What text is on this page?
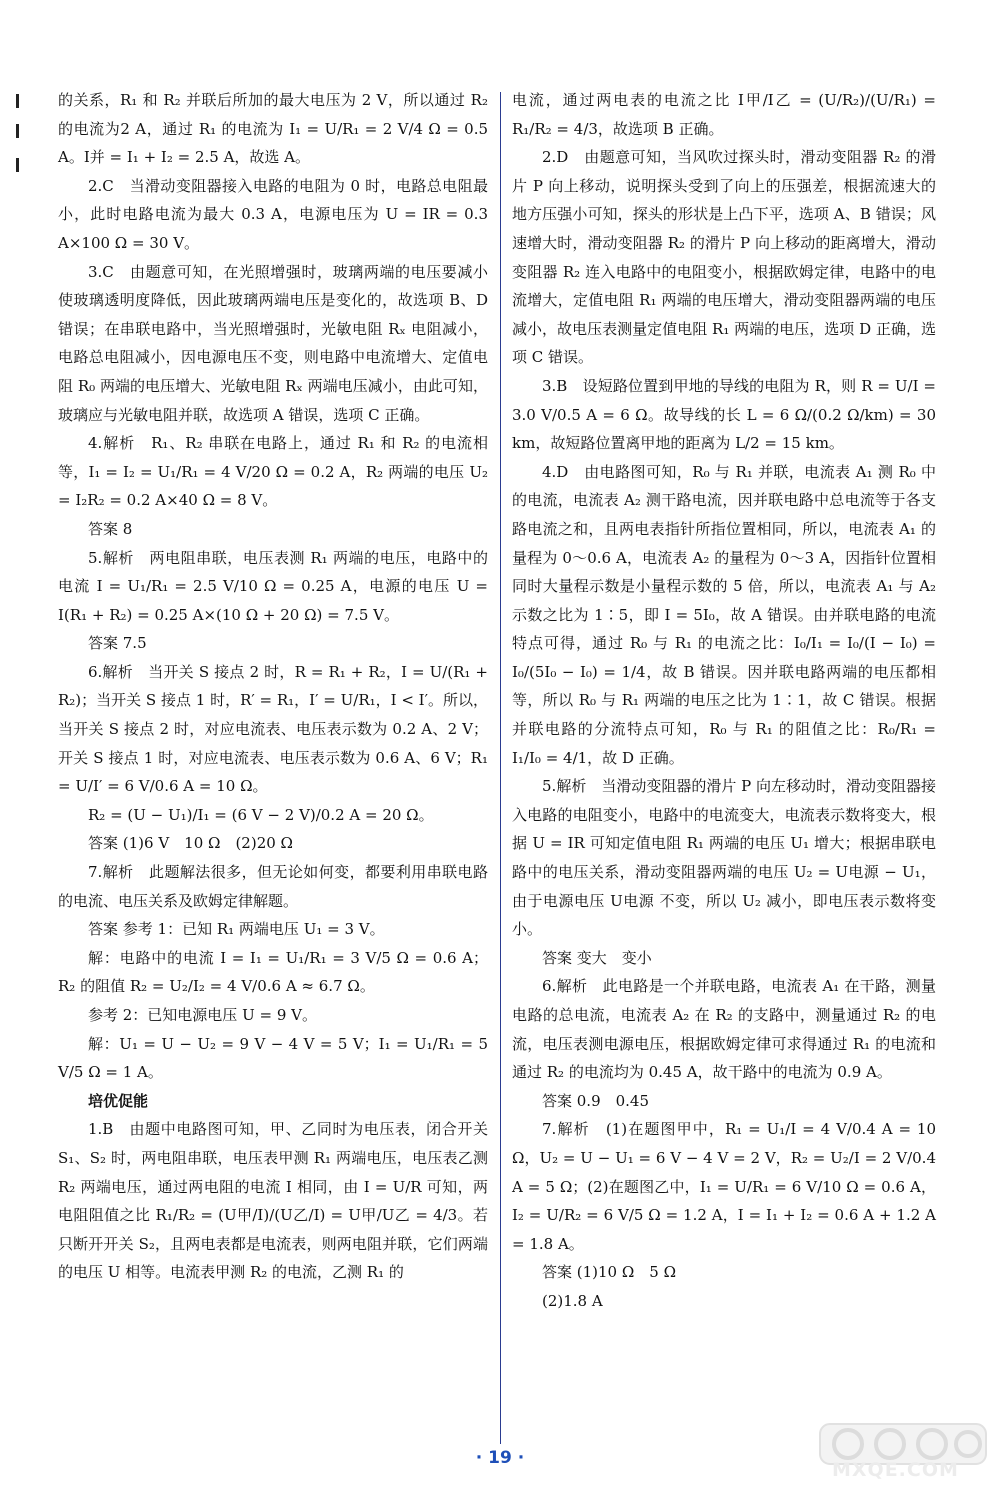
的关系，R₁ 和 R₂ 并联后所加的最大电压为 2 V，所以通过 R₂ 的电流为2 A，通过 R₁ 的电流为 I₁ = U/R₁ = 2 V/4 Ω = 0.5 A。I并 = I₁ + I₂ = 2.5 A，故选 A。

2.C　当滑动变阻器接入电路的电阻为 0 时，电路总电阻最小，此时电路电流为最大 0.3 A，电源电压为 U = IR = 0.3 A×100 Ω = 30 V。

3.C　由题意可知，在光照增强时，玻璃两端的电压要减小使玻璃透明度降低，因此玻璃两端电压是变化的，故选项 B、D 错误；在串联电路中，当光照增强时，光敏电阻 Rₓ 电阻减小，电路总电阻减小，因电源电压不变，则电路中电流增大、定值电阻 R₀ 两端的电压增大、光敏电阻 Rₓ 两端电压减小，由此可知，玻璃应与光敏电阻并联，故选项 A 错误，选项 C 正确。

4.解析　R₁、R₂ 串联在电路上，通过 R₁ 和 R₂ 的电流相等，I₁ = I₂ = U₁/R₁ = 4 V/20 Ω = 0.2 A，R₂ 两端的电压 U₂ = I₂R₂ = 0.2 A×40 Ω = 8 V。

答案 8

5.解析　两电阻串联，电压表测 R₁ 两端的电压，电路中的电流 I = U₁/R₁ = 2.5 V/10 Ω = 0.25 A，电源的电压 U = I(R₁ + R₂) = 0.25 A×(10 Ω + 20 Ω) = 7.5 V。

答案 7.5

6.解析　当开关 S 接点 2 时，R = R₁ + R₂，I = U/(R₁ + R₂)；当开关 S 接点 1 时，R′ = R₁，I′ = U/R₁，I < I′。所以，当开关 S 接点 2 时，对应电流表、电压表示数为 0.2 A、2 V；开关 S 接点 1 时，对应电流表、电压表示数为 0.6 A、6 V；R₁ = U/I′ = 6 V/0.6 A = 10 Ω。

R₂ = (U − U₁)/I₁ = (6 V − 2 V)/0.2 A = 20 Ω。

答案 (1)6 V　10 Ω　(2)20 Ω

7.解析　此题解法很多，但无论如何变，都要利用串联电路的电流、电压关系及欧姆定律解题。

答案 参考 1：已知 R₁ 两端电压 U₁ = 3 V。

解：电路中的电流 I = I₁ = U₁/R₁ = 3 V/5 Ω = 0.6 A；R₂ 的阻值 R₂ = U₂/I₂ = 4 V/0.6 A ≈ 6.7 Ω。

参考 2：已知电源电压 U = 9 V。

解：U₁ = U − U₂ = 9 V − 4 V = 5 V；I₁ = U₁/R₁ = 5 V/5 Ω = 1 A。

培优促能

1.B　由题中电路图可知，甲、乙同时为电压表，闭合开关 S₁、S₂ 时，两电阻串联，电压表甲测 R₁ 两端电压，电压表乙测 R₂ 两端电压，通过两电阻的电流 I 相同，由 I = U/R 可知，两电阻阻值之比 R₁/R₂ = (U甲/I)/(U乙/I) = U甲/U乙 = 4/3。若只断开开关 S₂，且两电表都是电流表，则两电阻并联，它们两端的电压 U 相等。电流表甲测 R₂ 的电流，乙测 R₁ 的

电流，通过两电表的电流之比 I甲/I乙 = (U/R₂)/(U/R₁) = R₁/R₂ = 4/3，故选项 B 正确。

2.D　由题意可知，当风吹过探头时，滑动变阻器 R₂ 的滑片 P 向上移动，说明探头受到了向上的压强差，根据流速大的地方压强小可知，探头的形状是上凸下平，选项 A、B 错误；风速增大时，滑动变阻器 R₂ 的滑片 P 向上移动的距离增大，滑动变阻器 R₂ 连入电路中的电阻变小，根据欧姆定律，电路中的电流增大，定值电阻 R₁ 两端的电压增大，滑动变阻器两端的电压减小，故电压表测量定值电阻 R₁ 两端的电压，选项 D 正确，选项 C 错误。

3.B　设短路位置到甲地的导线的电阻为 R，则 R = U/I = 3.0 V/0.5 A = 6 Ω。故导线的长 L = 6 Ω/(0.2 Ω/km) = 30 km，故短路位置离甲地的距离为 L/2 = 15 km。

4.D　由电路图可知，R₀ 与 R₁ 并联，电流表 A₁ 测 R₀ 中的电流，电流表 A₂ 测干路电流，因并联电路中总电流等于各支路电流之和，且两电表指针所指位置相同，所以，电流表 A₁ 的量程为 0～0.6 A，电流表 A₂ 的量程为 0～3 A，因指针位置相同时大量程示数是小量程示数的 5 倍，所以，电流表 A₁ 与 A₂ 示数之比为 1∶5，即 I = 5I₀，故 A 错误。由并联电路的电流特点可得，通过 R₀ 与 R₁ 的电流之比：I₀/I₁ = I₀/(I − I₀) = I₀/(5I₀ − I₀) = 1/4，故 B 错误。因并联电路两端的电压都相等，所以 R₀ 与 R₁ 两端的电压之比为 1∶1，故 C 错误。根据并联电路的分流特点可知，R₀ 与 R₁ 的阻值之比：R₀/R₁ = I₁/I₀ = 4/1，故 D 正确。

5.解析　当滑动变阻器的滑片 P 向左移动时，滑动变阻器接入电路的电阻变小，电路中的电流变大，电流表示数将变大，根据 U = IR 可知定值电阻 R₁ 两端的电压 U₁ 增大；根据串联电路中的电压关系，滑动变阻器两端的电压 U₂ = U电源 − U₁，由于电源电压 U电源 不变，所以 U₂ 减小，即电压表示数将变小。

答案 变大　变小

6.解析　此电路是一个并联电路，电流表 A₁ 在干路，测量电路的总电流，电流表 A₂ 在 R₂ 的支路中，测量通过 R₂ 的电流，电压表测电源电压，根据欧姆定律可求得通过 R₁ 的电流和通过 R₂ 的电流均为 0.45 A，故干路中的电流为 0.9 A。

答案 0.9　0.45

7.解析　(1)在题图甲中，R₁ = U₁/I = 4 V/0.4 A = 10 Ω，U₂ = U − U₁ = 6 V − 4 V = 2 V，R₂ = U₂/I = 2 V/0.4 A = 5 Ω；(2)在题图乙中，I₁ = U/R₁ = 6 V/10 Ω = 0.6 A，I₂ = U/R₂ = 6 V/5 Ω = 1.2 A，I = I₁ + I₂ = 0.6 A + 1.2 A = 1.8 A。

答案 (1)10 Ω　5 Ω

(2)1.8 A

· 19 ·
MXQE.COM
